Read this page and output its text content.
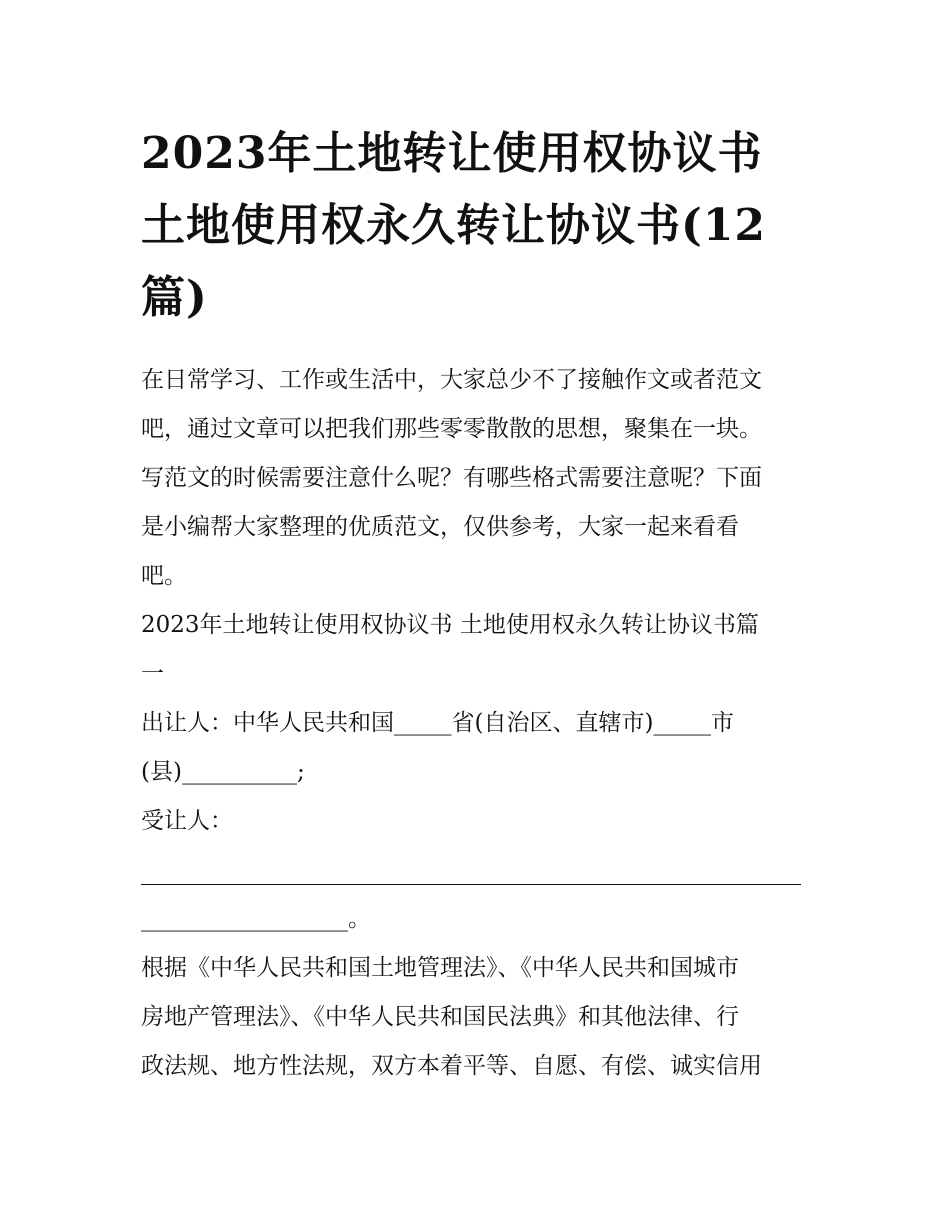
2023年土地转让使用权协议书
土地使用权永久转让协议书(12
篇)
在日常学习、工作或生活中，大家总少不了接触作文或者范文
吧，通过文章可以把我们那些零零散散的思想，聚集在一块。
写范文的时候需要注意什么呢？有哪些格式需要注意呢？下面
是小编帮大家整理的优质范文，仅供参考，大家一起来看看
吧。
2023年土地转让使用权协议书 土地使用权永久转让协议书篇
一
出让人：中华人民共和国_____省(自治区、直辖市)_____市
(县)__________;
受让人：
__________________。
根据《中华人民共和国土地管理法》、《中华人民共和国城市
房地产管理法》、《中华人民共和国民法典》和其他法律、行
政法规、地方性法规，双方本着平等、自愿、有偿、诚实信用
